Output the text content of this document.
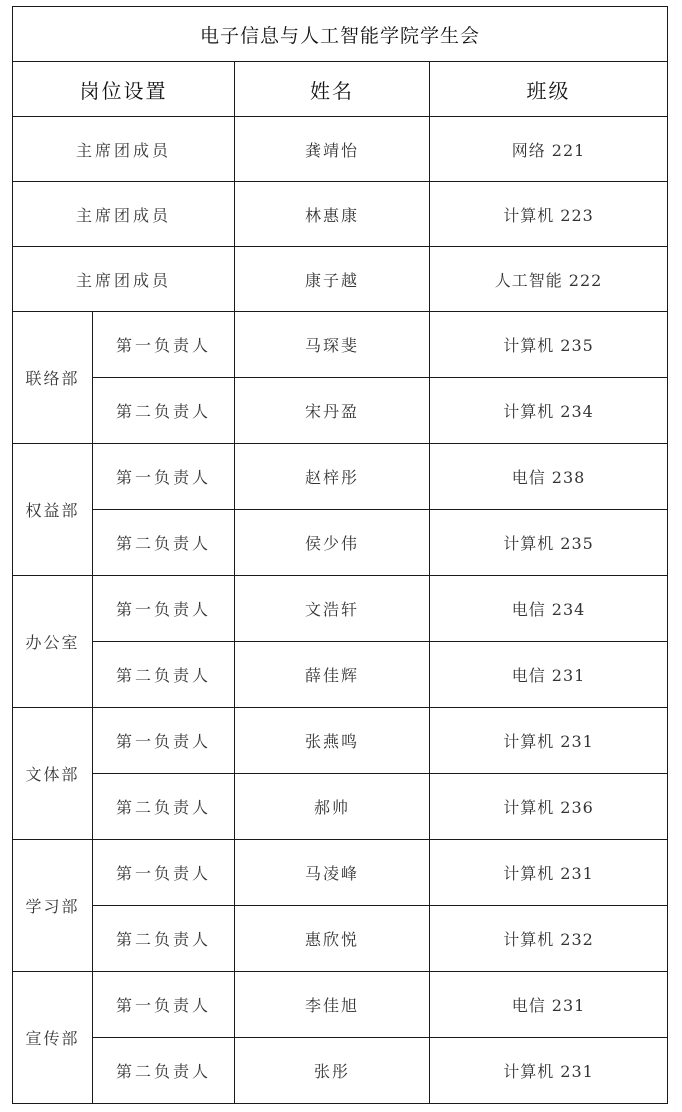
电子信息与人工智能学院学生会			
岗位设置		姓名	班级
主席团成员		龚靖怡	网络 221
主席团成员		林惠康	计算机 223
主席团成员		康子越	人工智能 222
联络部	第一负责人	马琛斐	计算机 235
	第二负责人	宋丹盈	计算机 234
权益部	第一负责人	赵梓彤	电信 238
	第二负责人	侯少伟	计算机 235
办公室	第一负责人	文浩轩	电信 234
	第二负责人	薛佳辉	电信 231
文体部	第一负责人	张燕鸣	计算机 231
	第二负责人	郝帅	计算机 236
学习部	第一负责人	马凌峰	计算机 231
	第二负责人	惠欣悦	计算机 232
宣传部	第一负责人	李佳旭	电信 231
	第二负责人	张彤	计算机 231
